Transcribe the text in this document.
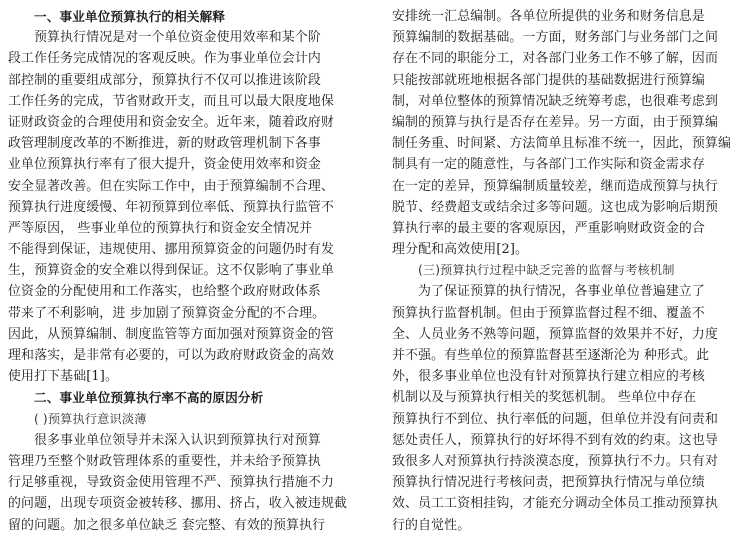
一、事业单位预算执行的相关解释
预算执行情况是对一个单位资金使用效率和某个阶
段工作任务完成情况的客观反映。作为事业单位会计内
部控制的重要组成部分，预算执行不仅可以推进该阶段
工作任务的完成，节省财政开支，而且可以最大限度地保
证财政资金的合理使用和资金安全。近年来，随着政府财
政管理制度改革的不断推进，新的财政管理机制下各事
业单位预算执行率有了很大提升，资金使用效率和资金
安全显著改善。但在实际工作中，由于预算编制不合理、
预算执行进度缓慢、年初预算到位率低、预算执行监管不
严等原因， 些事业单位的预算执行和资金安全情况并
不能得到保证，违规使用、挪用预算资金的问题仍时有发
生，预算资金的安全难以得到保证。这不仅影响了事业单
位资金的分配使用和工作落实，也给整个政府财政体系
带来了不利影响，进 步加剧了预算资金分配的不合理。
因此，从预算编制、制度监管等方面加强对预算资金的管
理和落实，是非常有必要的，可以为政府财政资金的高效
使用打下基础[1]。
二、事业单位预算执行率不高的原因分析
( )预算执行意识淡薄
很多事业单位领导并未深入认识到预算执行对预算
管理乃至整个财政管理体系的重要性，并未给予预算执
行足够重视，导致资金使用管理不严、预算执行措施不力
的问题，出现专项资金被转移、挪用、挤占，收入被违规截
留的问题。加之很多单位缺乏 套完整、有效的预算执行
安排统一汇总编制。各单位所提供的业务和财务信息是
预算编制的数据基础。一方面，财务部门与业务部门之间
存在不同的职能分工，对各部门业务工作不够了解，因而
只能按部就班地根据各部门提供的基础数据进行预算编
制，对单位整体的预算情况缺乏统筹考虑，也很难考虑到
编制的预算与执行是否存在差异。另一方面，由于预算编
制任务重、时间紧、方法简单且标准不统一，因此，预算编
制具有一定的随意性，与各部门工作实际和资金需求存
在一定的差异，预算编制质量较差，继而造成预算与执行
脱节、经费超支或结余过多等问题。这也成为影响后期预
算执行率的最主要的客观原因，严重影响财政资金的合
理分配和高效使用[2]。
(三)预算执行过程中缺乏完善的监督与考核机制
为了保证预算的执行情况，各事业单位普遍建立了
预算执行监督机制。但由于预算监督过程不细、覆盖不
全、人员业务不熟等问题，预算监督的效果并不好，力度
并不强。有些单位的预算监督甚至逐渐沦为 种形式。此
外，很多事业单位也没有针对预算执行建立相应的考核
机制以及与预算执行相关的奖惩机制。 些单位中存在
预算执行不到位、执行率低的问题，但单位并没有问责和
惩处责任人，预算执行的好坏得不到有效的约束。这也导
致很多人对预算执行持淡漠态度，预算执行不力。只有对
预算执行情况进行考核问责，把预算执行情况与单位绩
效、员工工资相挂钩，才能充分调动全体员工推动预算执
行的自觉性。
